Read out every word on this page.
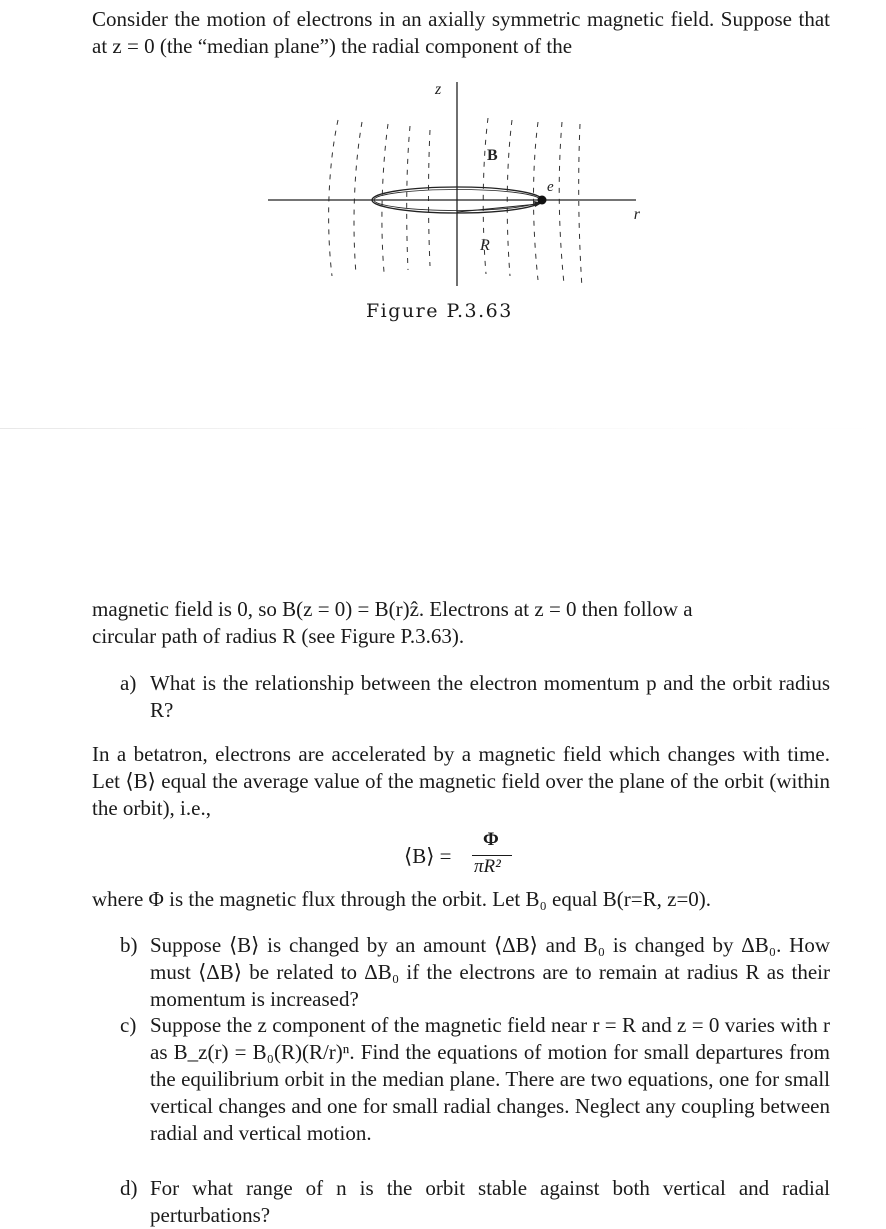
Consider the motion of electrons in an axially symmetric magnetic field. Suppose that at z = 0 (the “median plane”) the radial component of the

z
r
B
e
R
Figure P.3.63

magnetic field is 0, so B(z = 0) = B(r)ẑ. Electrons at z = 0 then follow a
circular path of radius R (see Figure P.3.63).

a) What is the relationship between the electron momentum p and the orbit radius R?

In a betatron, electrons are accelerated by a magnetic field which changes with time. Let ⟨B⟩ equal the average value of the magnetic field over the plane of the orbit (within the orbit), i.e.,

⟨B⟩ =
Φ
πR²

where Φ is the magnetic flux through the orbit. Let B₀ equal B(r=R, z=0).

b) Suppose ⟨B⟩ is changed by an amount ⟨ΔB⟩ and B₀ is changed by ΔB₀. How must ⟨ΔB⟩ be related to ΔB₀ if the electrons are to remain at radius R as their momentum is increased?
c) Suppose the z component of the magnetic field near r = R and z = 0 varies with r as B_z(r) = B₀(R)(R/r)ⁿ. Find the equations of motion for small departures from the equilibrium orbit in the median plane. There are two equations, one for small vertical changes and one for small radial changes. Neglect any coupling between radial and vertical motion.
d) For what range of n is the orbit stable against both vertical and radial perturbations?
